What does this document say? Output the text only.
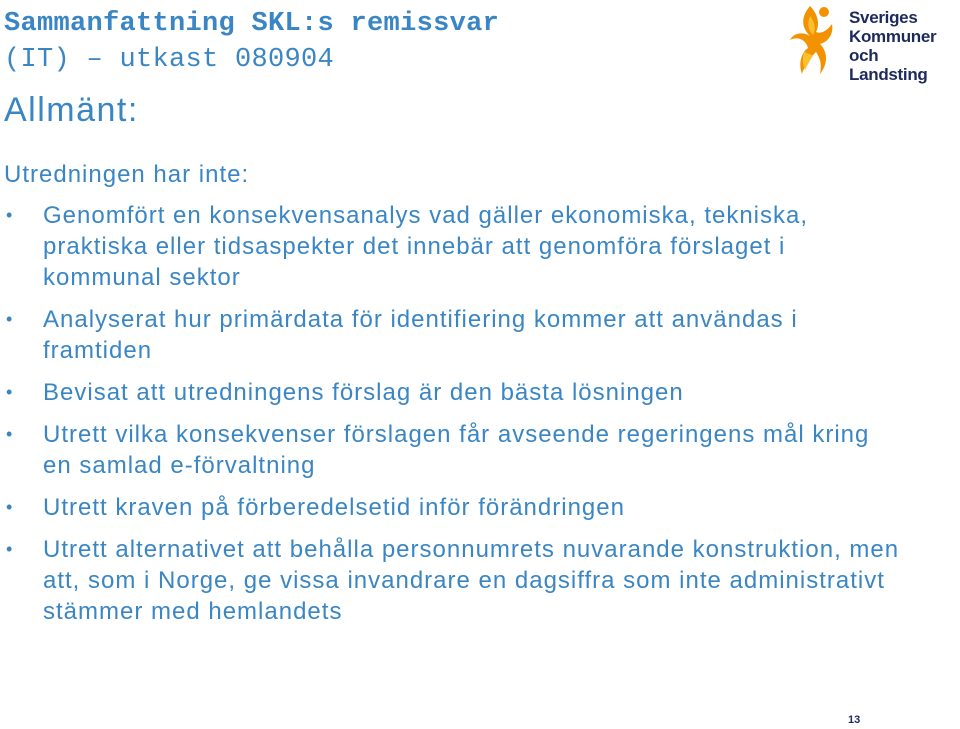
Sammanfattning SKL:s remissvar
(IT) – utkast 080904
Allmänt:
Sveriges
Kommuner
och Landsting

Utredningen har inte:

• Genomfört en konsekvensanalys vad gäller ekonomiska, tekniska, praktiska eller tidsaspekter det innebär att genomföra förslaget i kommunal sektor
• Analyserat hur primärdata för identifiering kommer att användas i framtiden
• Bevisat att utredningens förslag är den bästa lösningen
• Utrett vilka konsekvenser förslagen får avseende regeringens mål kring en samlad e-förvaltning
• Utrett kraven på förberedelsetid inför förändringen
• Utrett alternativet att behålla personnumrets nuvarande konstruktion, men att, som i Norge, ge vissa invandrare en dagsiffra som inte administrativt stämmer med hemlandets
13
